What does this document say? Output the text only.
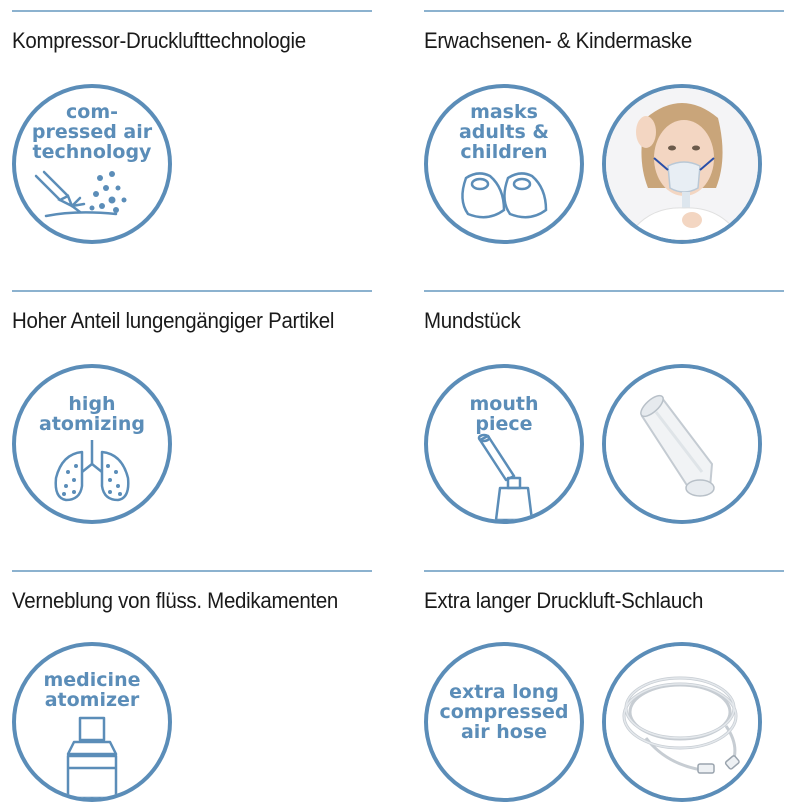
Kompressor-Drucklufttechnologie
com-
pressed air
technology
Erwachsenen- & Kindermaske
masks
adults &
children
Hoher Anteil lungengängiger Partikel
high
atomizing
Mundstück
mouth
piece
Verneblung von flüss. Medikamenten
medicine
atomizer
Extra langer Druckluft-Schlauch
extra long
compressed
air hose
